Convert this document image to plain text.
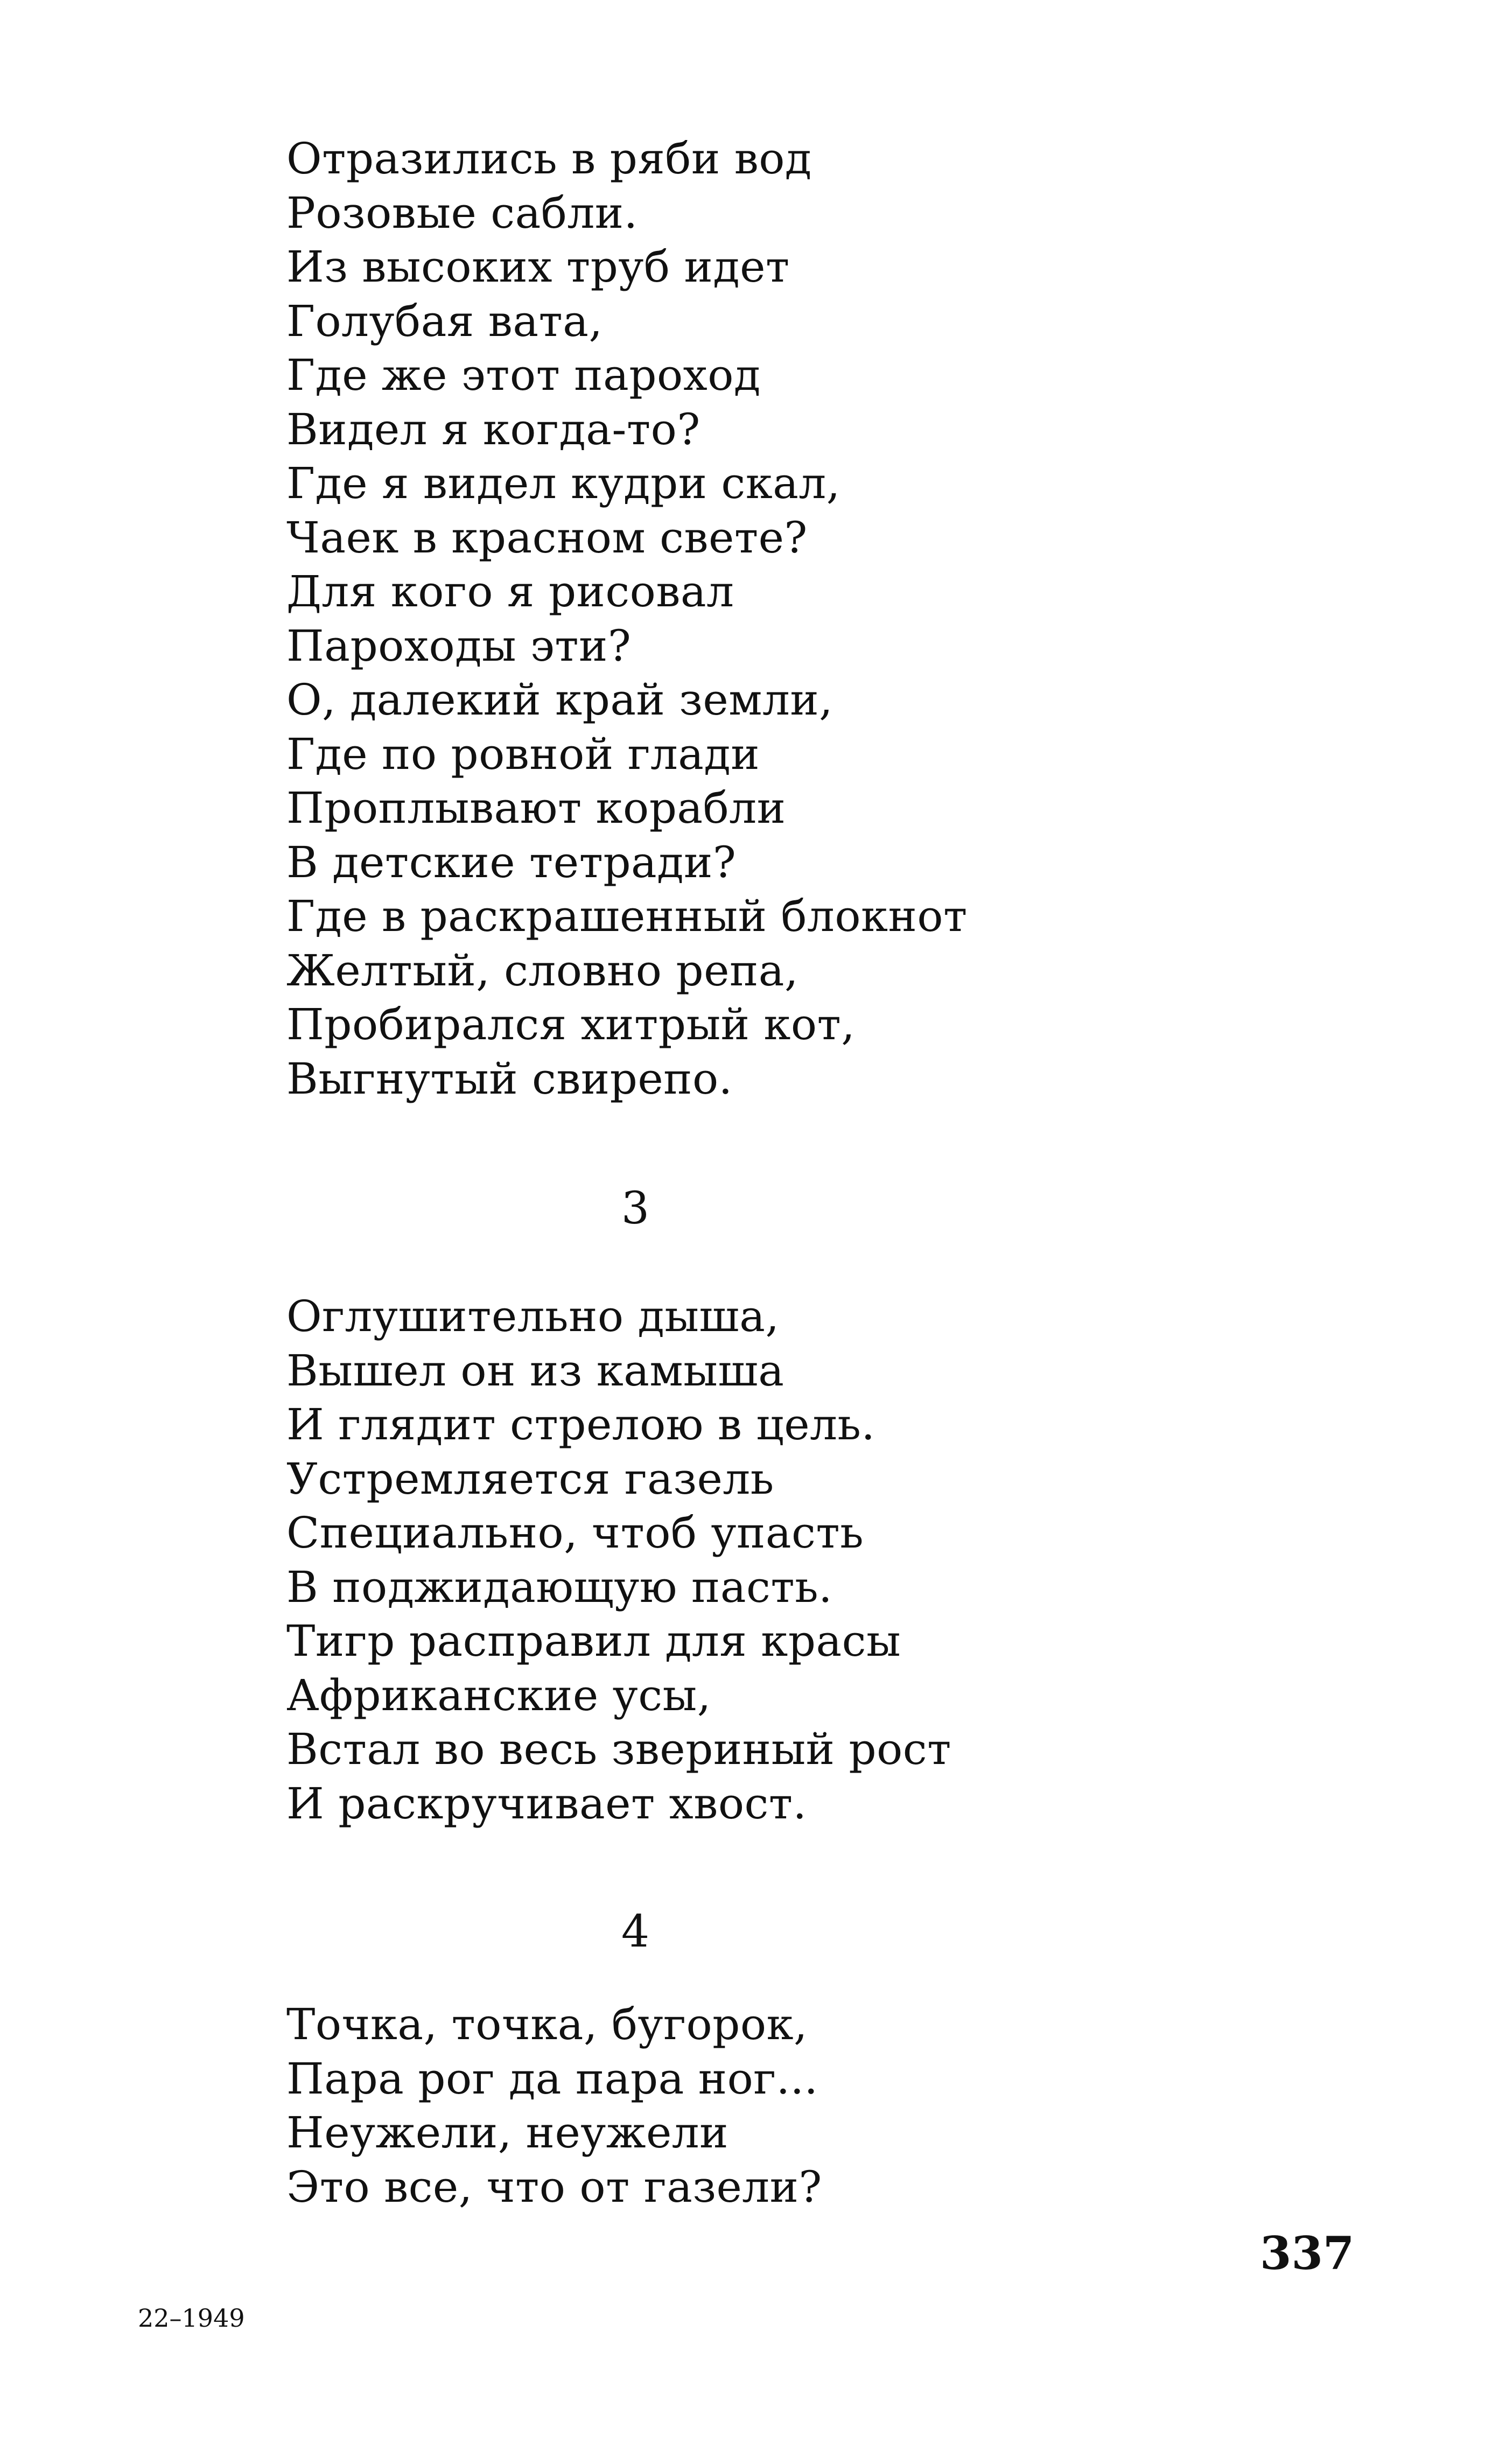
Отразились в ряби вод
Розовые сабли.
Из высоких труб идет
Голубая вата,
Где же этот пароход
Видел я когда-то?
Где я видел кудри скал,
Чаек в красном свете?
Для кого я рисовал
Пароходы эти?
О, далекий край земли,
Где по ровной глади
Проплывают корабли
В детские тетради?
Где в раскрашенный блокнот
Желтый, словно репа,
Пробирался хитрый кот,
Выгнутый свирепо.
3
Оглушительно дыша,
Вышел он из камыша
И глядит стрелою в цель.
Устремляется газель
Специально, чтоб упасть
В поджидающую пасть.
Тигр расправил для красы
Африканские усы,
Встал во весь звериный рост
И раскручивает хвост.
4
Точка, точка, бугорок,
Пара рог да пара ног...
Неужели, неужели
Это все, что от газели?
337
22–1949
